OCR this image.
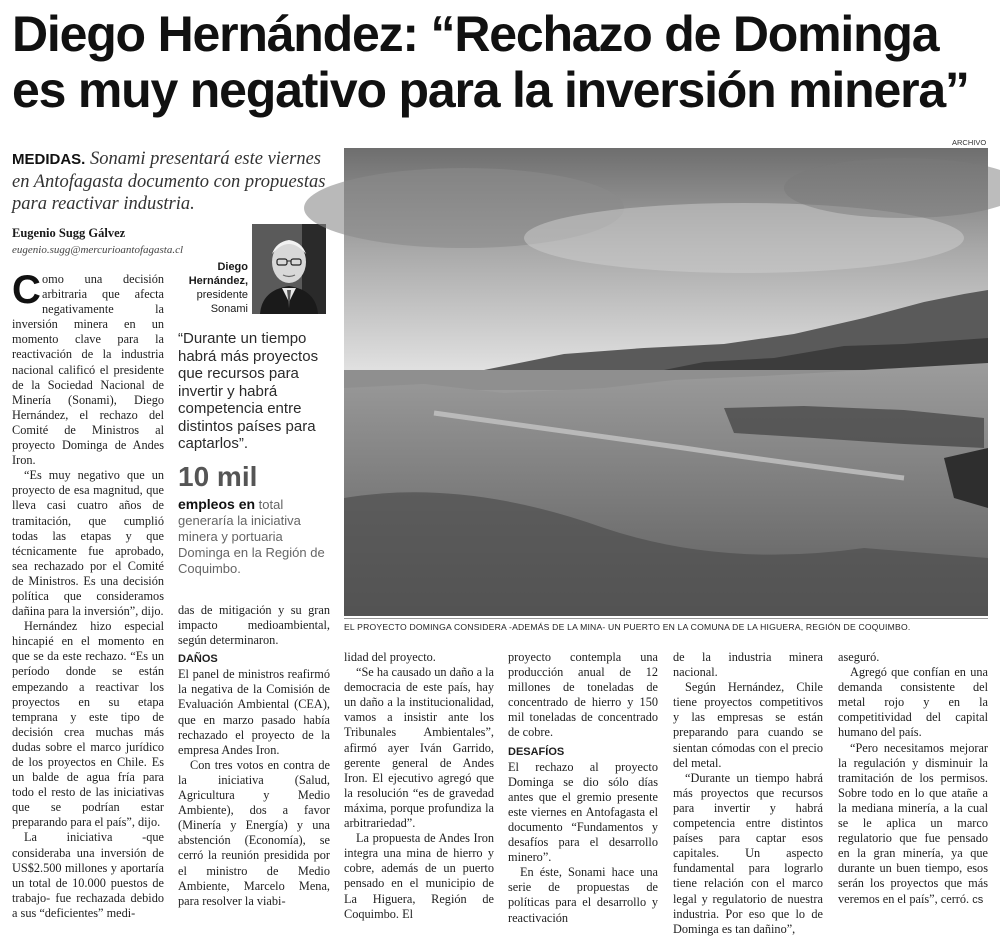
Diego Hernández: “Rechazo de Dominga
es muy negativo para la inversión minera”
MEDIDAS. Sonami presentará este viernes en Antofagasta documento con propuestas para reactivar industria.
Eugenio Sugg Gálvez
eugenio.sugg@mercurioantofagasta.cl
Diego Hernández,
presidente
Sonami
“Durante un tiempo habrá más proyectos que recursos para invertir y habrá competencia entre distintos países para captarlos”.
10 mil
empleos en total generaría la iniciativa minera y portuaria Dominga en la Región de Coquimbo.

Como una decisión arbitraria que afecta negativamente la inversión minera en un momento clave para la reactivación de la industria nacional calificó el presidente de la Sociedad Nacional de Minería (Sonami), Diego Hernández, el rechazo del Comité de Ministros al proyecto Dominga de Andes Iron.

“Es muy negativo que un proyecto de esa magnitud, que lleva casi cuatro años de tramitación, que cumplió todas las etapas y que técnicamente fue aprobado, sea rechazado por el Comité de Ministros. Es una decisión política que consideramos dañina para la inversión”, dijo.

Hernández hizo especial hincapié en el momento en que se da este rechazo. “Es un período donde se están empezando a reactivar los proyectos en su etapa temprana y este tipo de decisión crea muchas más dudas sobre el marco jurídico de los proyectos en Chile. Es un balde de agua fría para todo el resto de las iniciativas que se podrían estar preparando para el país”, dijo.

La iniciativa -que consideraba una inversión de US$2.500 millones y aportaría un total de 10.000 puestos de trabajo- fue rechazada debido a sus “deficientes” medi-

das de mitigación y su gran impacto medioambiental, según determinaron.

DAÑOS

El panel de ministros reafirmó la negativa de la Comisión de Evaluación Ambiental (CEA), que en marzo pasado había rechazado el proyecto de la empresa Andes Iron.

Con tres votos en contra de la iniciativa (Salud, Agricultura y Medio Ambiente), dos a favor (Minería y Energía) y una abstención (Economía), se cerró la reunión presidida por el ministro de Medio Ambiente, Marcelo Mena, para resolver la viabi-

lidad del proyecto.

“Se ha causado un daño a la democracia de este país, hay un daño a la institucionalidad, vamos a insistir ante los Tribunales Ambientales”, afirmó ayer Iván Garrido, gerente general de Andes Iron. El ejecutivo agregó que la resolución “es de gravedad máxima, porque profundiza la arbitrariedad”.

La propuesta de Andes Iron integra una mina de hierro y cobre, además de un puerto pensado en el municipio de La Higuera, Región de Coquimbo. El

proyecto contempla una producción anual de 12 millones de toneladas de concentrado de hierro y 150 mil toneladas de concentrado de cobre.

DESAFÍOS

El rechazo al proyecto Dominga se dio sólo días antes que el gremio presente este viernes en Antofagasta el documento “Fundamentos y desafíos para el desarrollo minero”.

En éste, Sonami hace una serie de propuestas de políticas para el desarrollo y reactivación

de la industria minera nacional.

Según Hernández, Chile tiene proyectos competitivos y las empresas se están preparando para cuando se sientan cómodas con el precio del metal.

“Durante un tiempo habrá más proyectos que recursos para invertir y habrá competencia entre distintos países para captar esos capitales. Un aspecto fundamental para lograrlo tiene relación con el marco legal y regulatorio de nuestra industria. Por eso que lo de Dominga es tan dañino”,

aseguró.

Agregó que confían en una demanda consistente del metal rojo y en la competitividad del capital humano del país.

“Pero necesitamos mejorar la regulación y disminuir la tramitación de los permisos. Sobre todo en lo que atañe a la mediana minería, a la cual se le aplica un marco regulatorio que fue pensado en la gran minería, ya que durante un buen tiempo, esos serán los proyectos que más veremos en el país”, cerró. cs

ARCHIVO
EL PROYECTO DOMINGA CONSIDERA -ADEMÁS DE LA MINA- UN PUERTO EN LA COMUNA DE LA HIGUERA, REGIÓN DE COQUIMBO.
